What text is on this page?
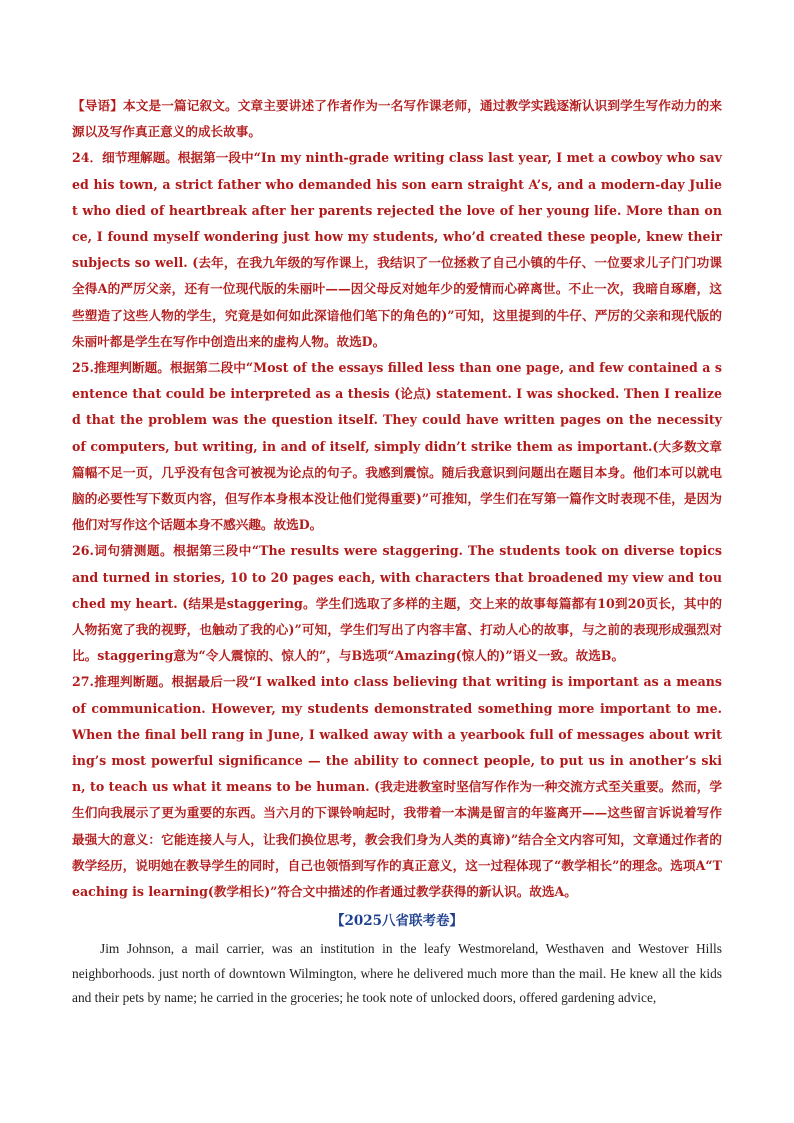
【导语】本文是一篇记叙文。文章主要讲述了作者作为一名写作课老师，通过教学实践逐渐认识到学生写作动力的来源以及写作真正意义的成长故事。

24．细节理解题。根据第一段中“In my ninth-grade writing class last year, I met a cowboy who saved his town, a strict father who demanded his son earn straight A’s, and a modern-day Juliet who died of heartbreak after her parents rejected the love of her young life. More than once, I found myself wondering just how my students, who’d created these people, knew their subjects so well. (去年，在我九年级的写作课上，我结识了一位拯救了自己小镇的牛仔、一位要求儿子门门功课全得A的严厉父亲，还有一位现代版的朱丽叶——因父母反对她年少的爱情而心碎离世。不止一次，我暗自琢磨，这些塑造了这些人物的学生，究竟是如何如此深谙他们笔下的角色的)”可知，这里提到的牛仔、严厉的父亲和现代版的朱丽叶都是学生在写作中创造出来的虚构人物。故选D。

25.推理判断题。根据第二段中“Most of the essays filled less than one page, and few contained a sentence that could be interpreted as a thesis (论点) statement. I was shocked. Then I realized that the problem was the question itself. They could have written pages on the necessity of computers, but writing, in and of itself, simply didn’t strike them as important.(大多数文章篇幅不足一页，几乎没有包含可被视为论点的句子。我感到震惊。随后我意识到问题出在题目本身。他们本可以就电脑的必要性写下数页内容，但写作本身根本没让他们觉得重要)”可推知，学生们在写第一篇作文时表现不佳，是因为他们对写作这个话题本身不感兴趣。故选D。

26.词句猜测题。根据第三段中“The results were staggering. The students took on diverse topics and turned in stories, 10 to 20 pages each, with characters that broadened my view and touched my heart. (结果是staggering。学生们选取了多样的主题，交上来的故事每篇都有10到20页长，其中的人物拓宽了我的视野，也触动了我的心)”可知，学生们写出了内容丰富、打动人心的故事，与之前的表现形成强烈对比。staggering意为“令人震惊的、惊人的”，与B选项“Amazing(惊人的)”语义一致。故选B。

27.推理判断题。根据最后一段“I walked into class believing that writing is important as a means of communication. However, my students demonstrated something more important to me. When the final bell rang in June, I walked away with a yearbook full of messages about writing’s most powerful significance — the ability to connect people, to put us in another’s skin, to teach us what it means to be human. (我走进教室时坚信写作作为一种交流方式至关重要。然而，学生们向我展示了更为重要的东西。当六月的下课铃响起时，我带着一本满是留言的年鉴离开——这些留言诉说着写作最强大的意义：它能连接人与人，让我们换位思考，教会我们身为人类的真谛)”结合全文内容可知，文章通过作者的教学经历，说明她在教导学生的同时，自己也领悟到写作的真正意义，这一过程体现了“教学相长”的理念。选项A“Teaching is learning(教学相长)”符合文中描述的作者通过教学获得的新认识。故选A。

【2025八省联考卷】

Jim Johnson, a mail carrier, was an institution in the leafy Westmoreland, Westhaven and Westover Hills neighborhoods. just north of downtown Wilmington, where he delivered much more than the mail. He knew all the kids and their pets by name; he carried in the groceries; he took note of unlocked doors, offered gardening advice,
